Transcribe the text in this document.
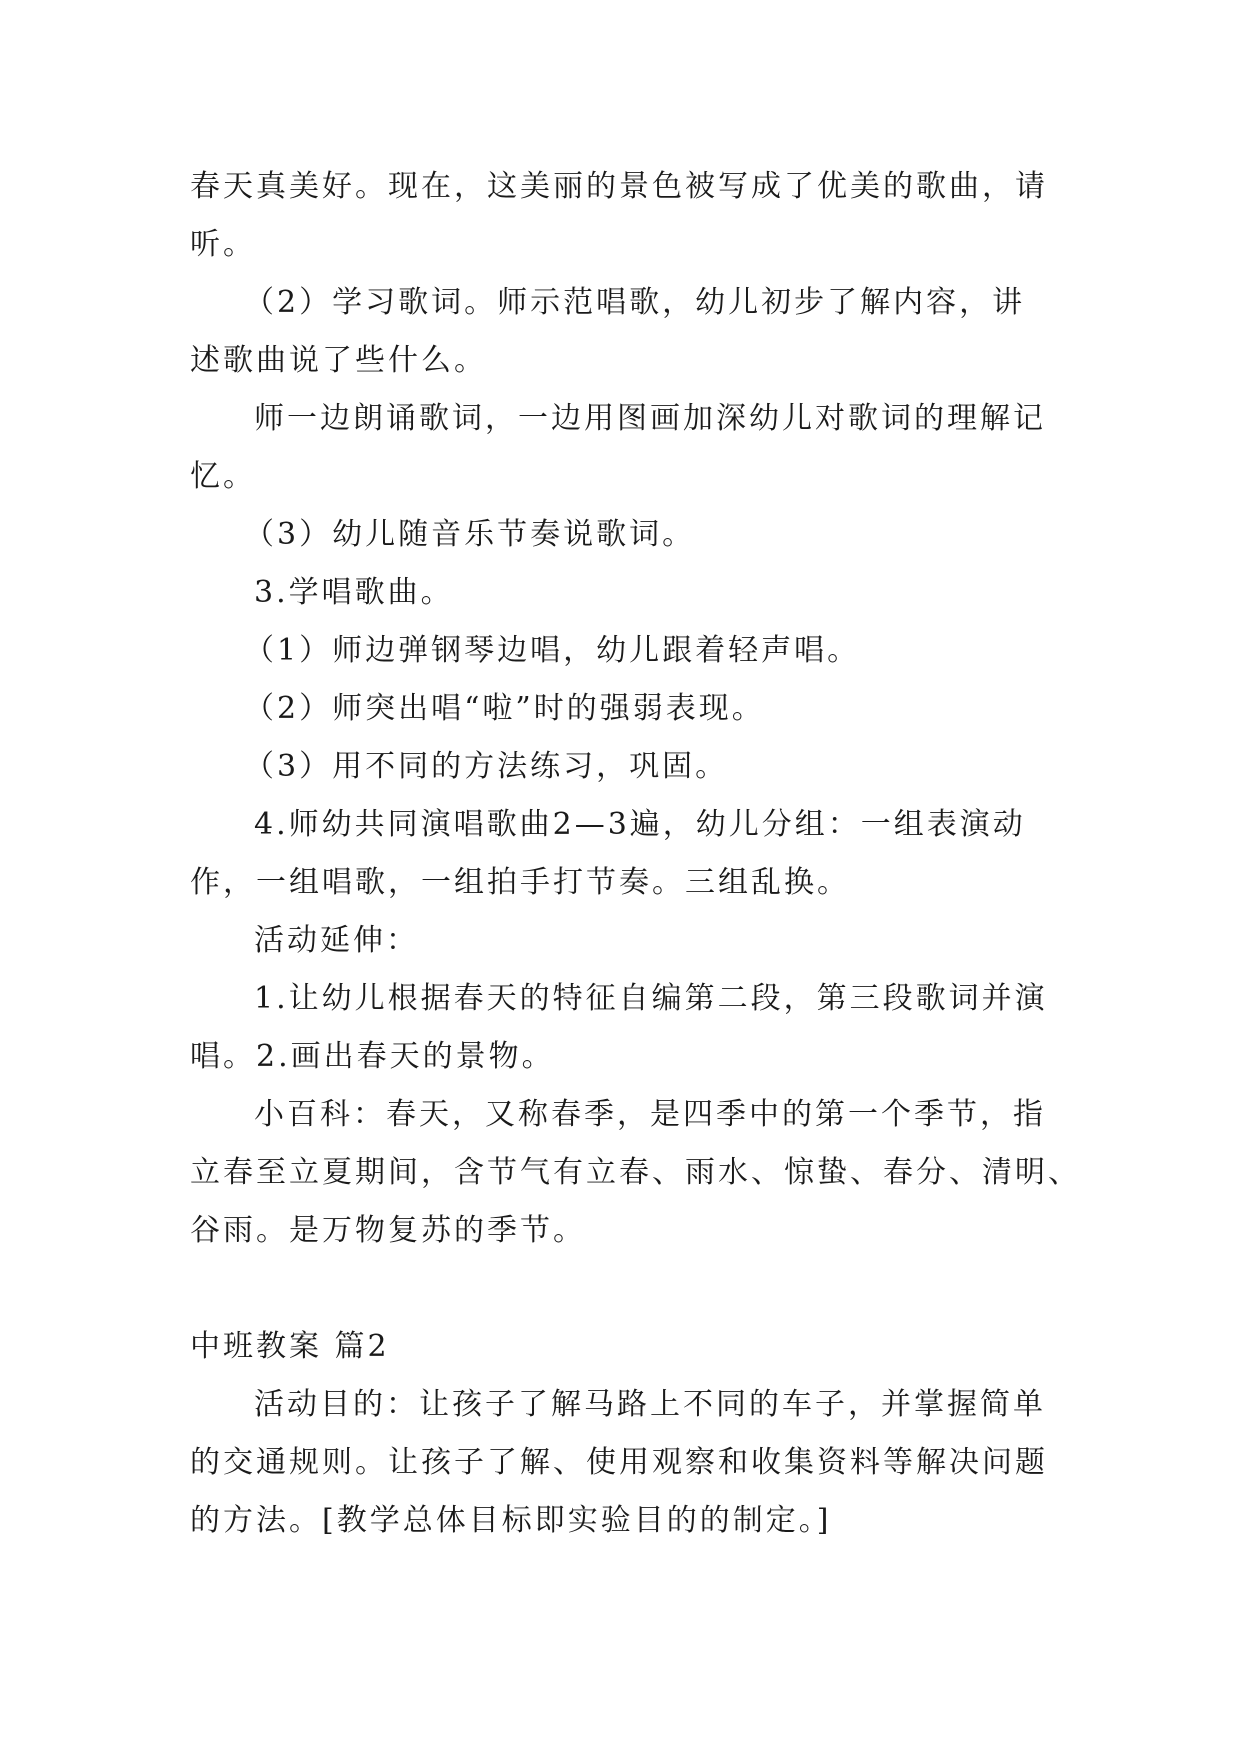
春天真美好。现在，这美丽的景色被写成了优美的歌曲，请
听。
（2）学习歌词。师示范唱歌，幼儿初步了解内容，讲
述歌曲说了些什么。
师一边朗诵歌词，一边用图画加深幼儿对歌词的理解记
忆。
（3）幼儿随音乐节奏说歌词。
3.学唱歌曲。
（1）师边弹钢琴边唱，幼儿跟着轻声唱。
（2）师突出唱“啦”时的强弱表现。
（3）用不同的方法练习，巩固。
4.师幼共同演唱歌曲2—3遍，幼儿分组：一组表演动
作，一组唱歌，一组拍手打节奏。三组乱换。
活动延伸：
1.让幼儿根据春天的特征自编第二段，第三段歌词并演
唱。2.画出春天的景物。
小百科：春天，又称春季，是四季中的第一个季节，指
立春至立夏期间，含节气有立春、雨水、惊蛰、春分、清明、
谷雨。是万物复苏的季节。
中班教案 篇2
活动目的：让孩子了解马路上不同的车子，并掌握简单
的交通规则。让孩子了解、使用观察和收集资料等解决问题
的方法。[教学总体目标即实验目的的制定。]
